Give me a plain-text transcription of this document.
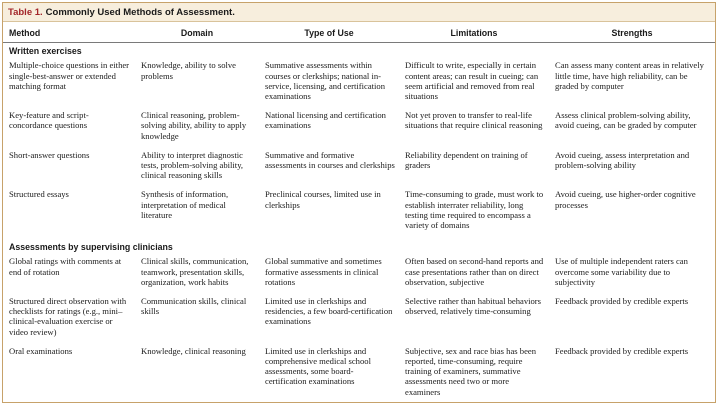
Table 1. Commonly Used Methods of Assessment.
Method	Domain	Type of Use	Limitations	Strengths
Written exercises				
Multiple-choice questions in either single-best-answer or extended matching format	Knowledge, ability to solve problems	Summative assessments within courses or clerkships; national in-service, licensing, and certification examinations	Difficult to write, especially in certain content areas; can result in cueing; can seem artificial and removed from real situations	Can assess many content areas in relatively little time, have high reliability, can be graded by computer
Key-feature and script-concordance questions	Clinical reasoning, problem-solving ability, ability to apply knowledge	National licensing and certification examinations	Not yet proven to transfer to real-life situations that require clinical reasoning	Assess clinical problem-solving ability, avoid cueing, can be graded by computer
Short-answer questions	Ability to interpret diagnostic tests, problem-solving ability, clinical reasoning skills	Summative and formative assessments in courses and clerkships	Reliability dependent on training of graders	Avoid cueing, assess interpretation and problem-solving ability
Structured essays	Synthesis of information, interpretation of medical literature	Preclinical courses, limited use in clerkships	Time-consuming to grade, must work to establish interrater reliability, long testing time required to encompass a variety of domains	Avoid cueing, use higher-order cognitive processes
Assessments by supervising clinicians				
Global ratings with comments at end of rotation	Clinical skills, communication, teamwork, presentation skills, organization, work habits	Global summative and sometimes formative assessments in clinical rotations	Often based on second-hand reports and case presentations rather than on direct observation, subjective	Use of multiple independent raters can overcome some variability due to subjectivity
Structured direct observation with checklists for ratings (e.g., mini–clinical-evaluation exercise or video review)	Communication skills, clinical skills	Limited use in clerkships and residencies, a few board-certification examinations	Selective rather than habitual behaviors observed, relatively time-consuming	Feedback provided by credible experts
Oral examinations	Knowledge, clinical reasoning	Limited use in clerkships and comprehensive medical school assessments, some board-certification examinations	Subjective, sex and race bias has been reported, time-consuming, require training of examiners, summative assessments need two or more examiners	Feedback provided by credible experts
